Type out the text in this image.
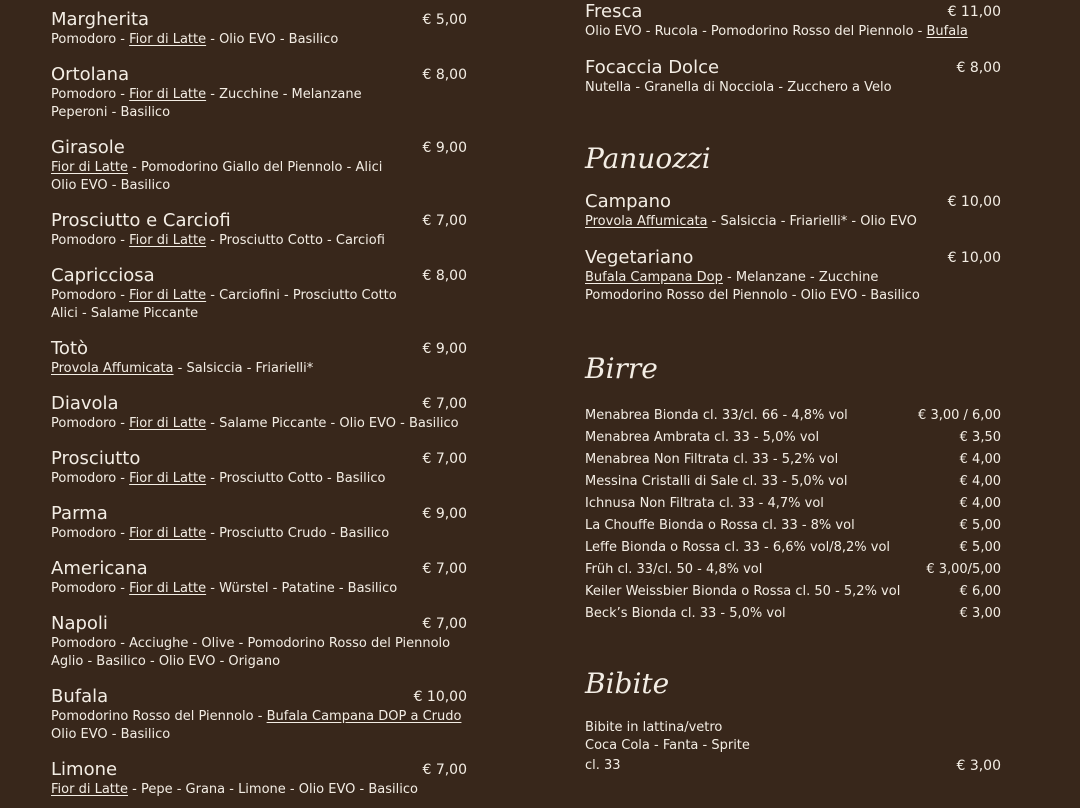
Margherita	€ 5,00
Pomodoro - Fior di Latte - Olio EVO - Basilico
Ortolana	€ 8,00
Pomodoro - Fior di Latte - Zucchine - Melanzane
Peperoni - Basilico
Girasole	€ 9,00
Fior di Latte - Pomodorino Giallo del Piennolo - Alici
Olio EVO - Basilico
Prosciutto e Carciofi	€ 7,00
Pomodoro - Fior di Latte - Prosciutto Cotto - Carciofi
Capricciosa	€ 8,00
Pomodoro - Fior di Latte - Carciofini - Prosciutto Cotto
Alici - Salame Piccante
Totò	€ 9,00
Provola Affumicata - Salsiccia - Friarielli*
Diavola	€ 7,00
Pomodoro - Fior di Latte - Salame Piccante - Olio EVO - Basilico
Prosciutto	€ 7,00
Pomodoro - Fior di Latte - Prosciutto Cotto - Basilico
Parma	€ 9,00
Pomodoro - Fior di Latte - Prosciutto Crudo - Basilico
Americana	€ 7,00
Pomodoro - Fior di Latte - Würstel - Patatine - Basilico
Napoli	€ 7,00
Pomodoro - Acciughe - Olive - Pomodorino Rosso del Piennolo
Aglio - Basilico - Olio EVO - Origano
Bufala	€ 10,00
Pomodorino Rosso del Piennolo - Bufala Campana DOP a Crudo
Olio EVO - Basilico
Limone	€ 7,00
Fior di Latte - Pepe - Grana - Limone - Olio EVO - Basilico
Fresca	€ 11,00
Olio EVO - Rucola - Pomodorino Rosso del Piennolo - Bufala
Focaccia Dolce	€ 8,00
Nutella - Granella di Nocciola - Zucchero a Velo
Panuozzi
Campano	€ 10,00
Provola Affumicata - Salsiccia - Friarielli* - Olio EVO
Vegetariano	€ 10,00
Bufala Campana Dop - Melanzane - Zucchine
Pomodorino Rosso del Piennolo - Olio EVO - Basilico
Birre
Menabrea Bionda cl. 33/cl. 66 - 4,8% vol	€ 3,00 / 6,00
Menabrea Ambrata cl. 33 - 5,0% vol	€ 3,50
Menabrea Non Filtrata cl. 33 - 5,2% vol	€ 4,00
Messina Cristalli di Sale cl. 33 - 5,0% vol	€ 4,00
Ichnusa Non Filtrata cl. 33 - 4,7% vol	€ 4,00
La Chouffe Bionda o Rossa cl. 33 - 8% vol	€ 5,00
Leffe Bionda o Rossa cl. 33 - 6,6% vol/8,2% vol	€ 5,00
Früh cl. 33/cl. 50 - 4,8% vol	€ 3,00/5,00
Keiler Weissbier Bionda o Rossa cl. 50 - 5,2% vol	€ 6,00
Beck’s Bionda cl. 33 - 5,0% vol	€ 3,00
Bibite
Bibite in lattina/vetro
Coca Cola - Fanta - Sprite
cl. 33	€ 3,00
